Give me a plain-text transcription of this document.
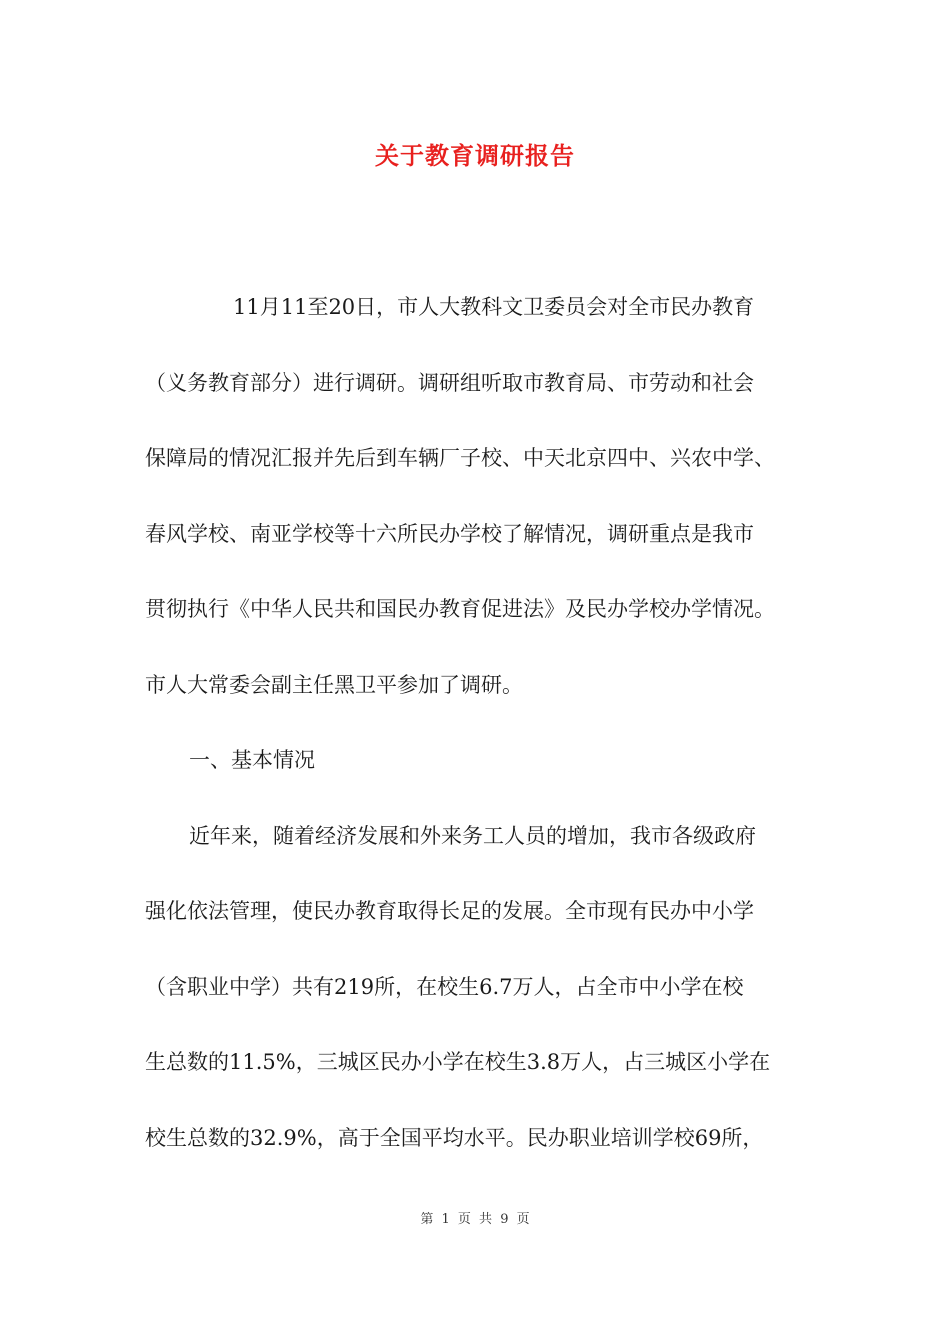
关于教育调研报告
11月11至20日，市人大教科文卫委员会对全市民办教育
（义务教育部分）进行调研。调研组听取市教育局、市劳动和社会
保障局的情况汇报并先后到车辆厂子校、中天北京四中、兴农中学、
春风学校、南亚学校等十六所民办学校了解情况，调研重点是我市
贯彻执行《中华人民共和国民办教育促进法》及民办学校办学情况。
市人大常委会副主任黑卫平参加了调研。
一、基本情况
近年来，随着经济发展和外来务工人员的增加，我市各级政府
强化依法管理，使民办教育取得长足的发展。全市现有民办中小学
（含职业中学）共有219所，在校生6.7万人，占全市中小学在校
生总数的11.5%，三城区民办小学在校生3.8万人，占三城区小学在
校生总数的32.9%，高于全国平均水平。民办职业培训学校69所，
第 1 页 共 9 页
